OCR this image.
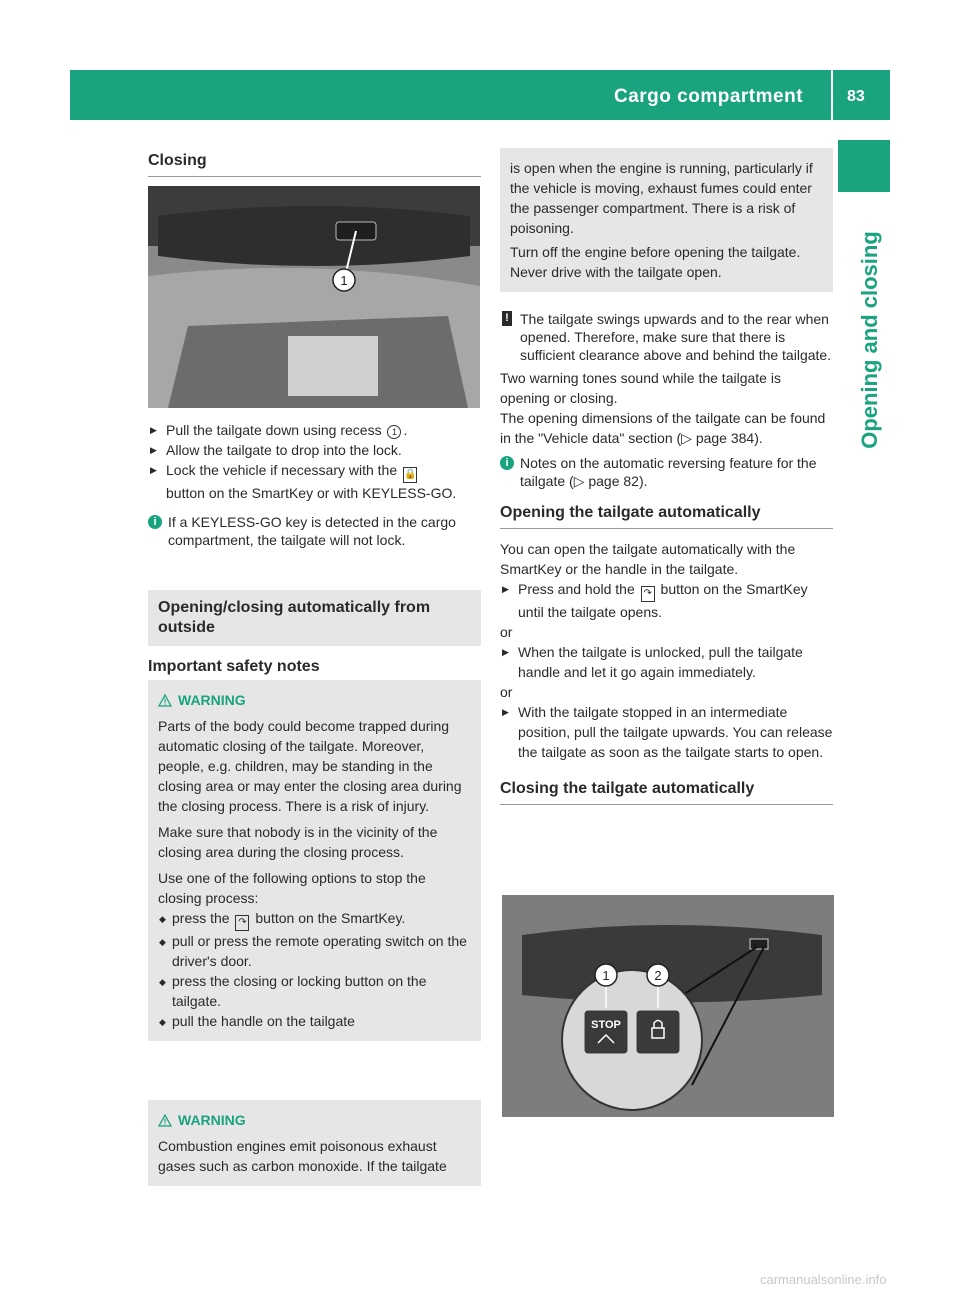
Cargo compartment	83
Opening and closing

Closing

1

▶ Pull the tailgate down using recess 1 .

▶ Allow the tailgate to drop into the lock.

▶ Lock the vehicle if necessary with the 🔒
button on the SmartKey or with KEYLESS-GO.

i If a KEYLESS-GO key is detected in the cargo compartment, the tailgate will not lock.

Opening/closing automatically from outside

Important safety notes

WARNING

Parts of the body could become trapped during automatic closing of the tailgate. Moreover, people, e.g. children, may be standing in the closing area or may enter the closing area during the closing process. There is a risk of injury.

Make sure that nobody is in the vicinity of the closing area during the closing process.

Use one of the following options to stop the closing process:

◆ press the ↷ button on the SmartKey.

◆ pull or press the remote operating switch on the driver's door.

◆ press the closing or locking button on the tailgate.

◆ pull the handle on the tailgate

WARNING

Combustion engines emit poisonous exhaust gases such as carbon monoxide. If the tailgate

is open when the engine is running, particularly if the vehicle is moving, exhaust fumes could enter the passenger compartment. There is a risk of poisoning.

Turn off the engine before opening the tailgate. Never drive with the tailgate open.

! The tailgate swings upwards and to the rear when opened. Therefore, make sure that there is sufficient clearance above and behind the tailgate.

Two warning tones sound while the tailgate is opening or closing.

The opening dimensions of the tailgate can be found in the "Vehicle data" section (▷ page 384).

i Notes on the automatic reversing feature for the tailgate (▷ page 82).

Opening the tailgate automatically

You can open the tailgate automatically with the SmartKey or the handle in the tailgate.

▶ Press and hold the ↷ button on the SmartKey until the tailgate opens.

or

▶ When the tailgate is unlocked, pull the tailgate handle and let it go again immediately.

or

▶ With the tailgate stopped in an intermediate position, pull the tailgate upwards. You can release the tailgate as soon as the tailgate starts to open.

Closing the tailgate automatically

STOP
1	2
carmanualsonline.info
